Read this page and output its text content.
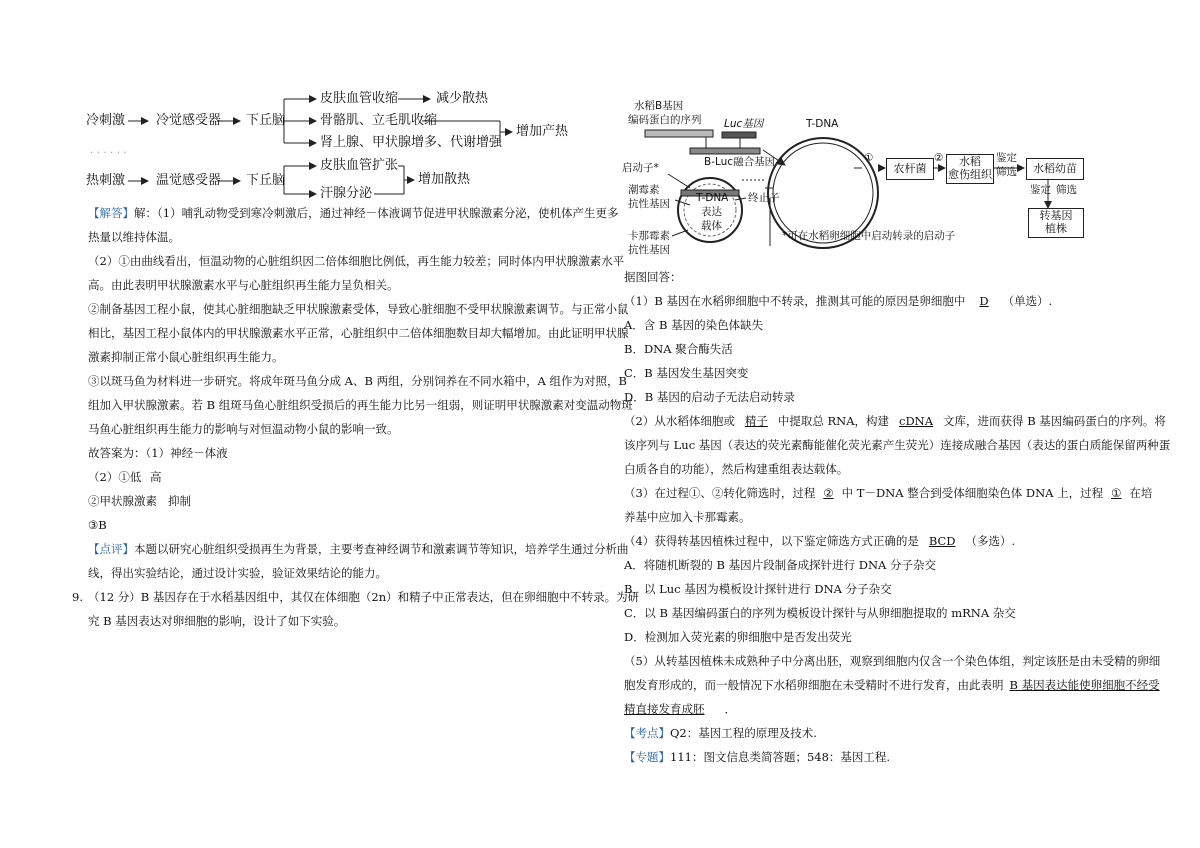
冷刺激 冷觉感受器 下丘脑
皮肤血管收缩	减少散热
骨骼肌、立毛肌收缩
肾上腺、甲状腺增多、代谢增强
增加产热
· · · · · ·
热刺激 温觉感受器 下丘脑
皮肤血管扩张
汗腺分泌
增加散热
【解答】解：（1）哺乳动物受到寒冷刺激后，通过神经－体液调节促进甲状腺激素分泌，使机体产生更多
热量以维持体温。
（2）①由曲线看出，恒温动物的心脏组织因二倍体细胞比例低，再生能力较差；同时体内甲状腺激素水平
高。由此表明甲状腺激素水平与心脏组织再生能力呈负相关。
②制备基因工程小鼠，使其心脏细胞缺乏甲状腺激素受体，导致心脏细胞不受甲状腺激素调节。与正常小鼠
相比，基因工程小鼠体内的甲状腺激素水平正常，心脏组织中二倍体细胞数目却大幅增加。由此证明甲状腺
激素抑制正常小鼠心脏组织再生能力。
③以斑马鱼为材料进一步研究。将成年斑马鱼分成 A、B 两组，分别饲养在不同水箱中，A 组作为对照，B
组加入甲状腺激素。若 B 组斑马鱼心脏组织受损后的再生能力比另一组弱，则证明甲状腺激素对变温动物斑
马鱼心脏组织再生能力的影响与对恒温动物小鼠的影响一致。
故答案为：（1）神经－体液
（2）①低 高
②甲状腺激素 抑制
③B
【点评】本题以研究心脏组织受损再生为背景，主要考查神经调节和激素调节等知识，培养学生通过分析曲
线，得出实验结论，通过设计实验，验证效果结论的能力。
9. （12 分）B 基因存在于水稻基因组中，其仅在体细胞（2n）和精子中正常表达，但在卵细胞中不转录。为研
究 B 基因表达对卵细胞的影响，设计了如下实验。
水稻B基因
编码蛋白的序列 Luc基因
B-Luc融合基因
T-DNA
启动子*
潮霉素
抗性基因 T-DNA
表达
载体
终止子
卡那霉素
抗性基因
*可在水稻卵细胞中启动转录的启动子
①
农杆菌
②	水稻
愈伤组织
鉴定
筛选	水稻幼苗
鉴定 筛选
转基因
植株
据图回答：
（1）B 基因在水稻卵细胞中不转录，推测其可能的原因是卵细胞中 D （单选）.
A．含 B 基因的染色体缺失
B．DNA 聚合酶失活
C．B 基因发生基因突变
D．B 基因的启动子无法启动转录
（2）从水稻体细胞或 精子 中提取总 RNA，构建 cDNA 文库，进而获得 B 基因编码蛋白的序列。将
该序列与 Luc 基因（表达的荧光素酶能催化荧光素产生荧光）连接成融合基因（表达的蛋白质能保留两种蛋
白质各自的功能），然后构建重组表达载体。
（3）在过程①、②转化筛选时，过程 ② 中 T－DNA 整合到受体细胞染色体 DNA 上，过程 ① 在培
养基中应加入卡那霉素。
（4）获得转基因植株过程中，以下鉴定筛选方式正确的是 BCD （多选）.
A．将随机断裂的 B 基因片段制备成探针进行 DNA 分子杂交
B．以 Luc 基因为模板设计探针进行 DNA 分子杂交
C．以 B 基因编码蛋白的序列为模板设计探针与从卵细胞提取的 mRNA 杂交
D．检测加入荧光素的卵细胞中是否发出荧光
（5）从转基因植株未成熟种子中分离出胚，观察到细胞内仅含一个染色体组，判定该胚是由未受精的卵细
胞发育形成的，而一般情况下水稻卵细胞在未受精时不进行发育，由此表明 B 基因表达能使卵细胞不经受
精直接发育成胚 ．
【考点】Q2：基因工程的原理及技术.
【专题】111：图文信息类简答题；548：基因工程.
